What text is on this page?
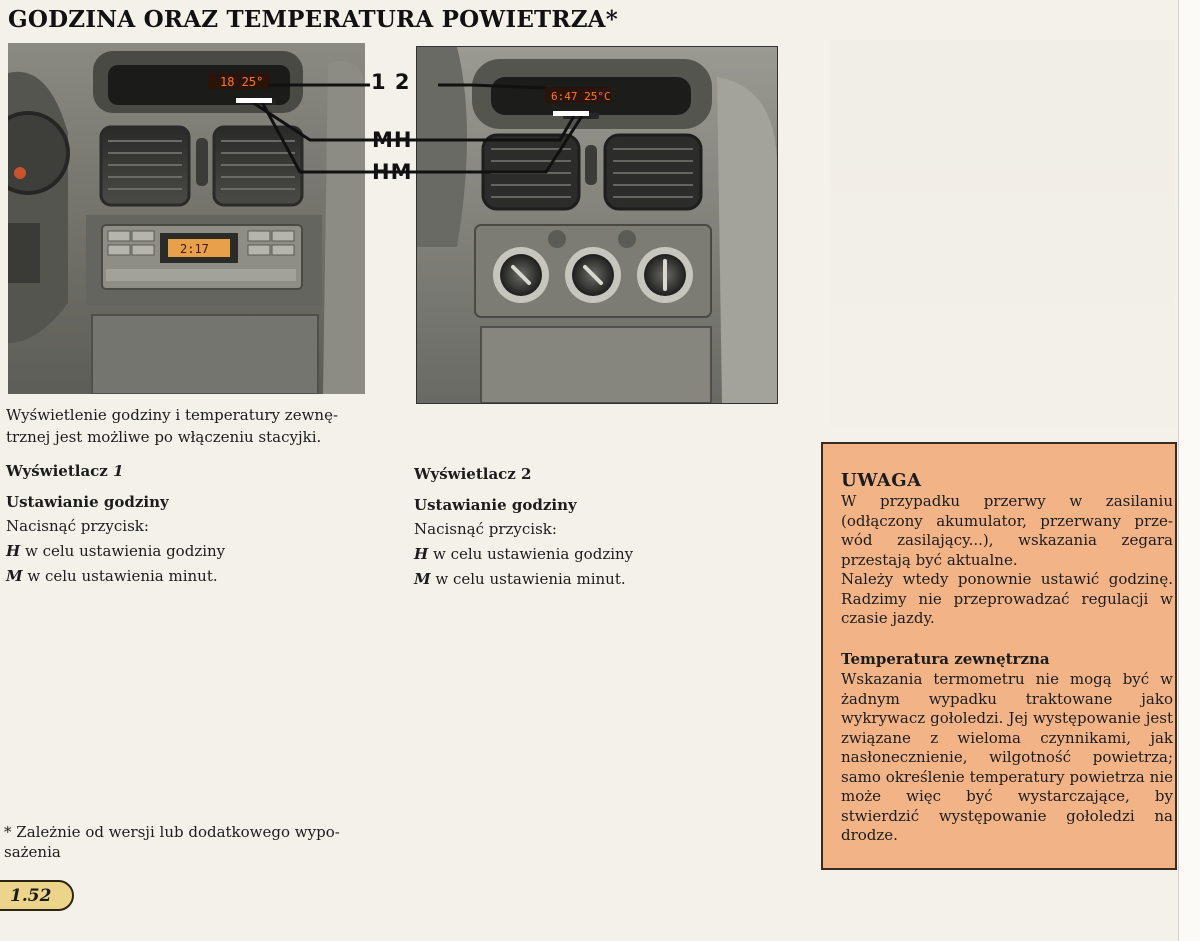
GODZINA ORAZ TEMPERATURA POWIETRZA*
18 25°
2:17
6:47 25°C
1 2
MH
HM
Wyświetlenie godziny i temperatury zewnę-
trznej jest możliwe po włączeniu stacyjki.
Wyświetlacz 1
Ustawianie godziny
Nacisnąć przycisk:
H w celu ustawienia godziny
M w celu ustawienia minut.
Wyświetlacz 2
Ustawianie godziny
Nacisnąć przycisk:
H w celu ustawienia godziny
M w celu ustawienia minut.
* Zależnie od wersji lub dodatkowego wypo-
sażenia
UWAGA
W przypadku przerwy w zasilaniu (odłączony akumulator, przerwany prze-wód zasilający...), wskazania zegara przestają być aktualne.
Należy wtedy ponownie ustawić godzinę. Radzimy nie przeprowadzać regulacji w czasie jazdy.
Temperatura zewnętrzna
Wskazania termometru nie mogą być w żadnym wypadku traktowane jako wykrywacz gołoledzi. Jej występowanie jest związane z wieloma czynnikami, jak nasłonecznienie, wilgotność powietrza; samo określenie temperatury powietrza nie może więc być wystarczające, by stwierdzić występowanie gołoledzi na drodze.
1.52
